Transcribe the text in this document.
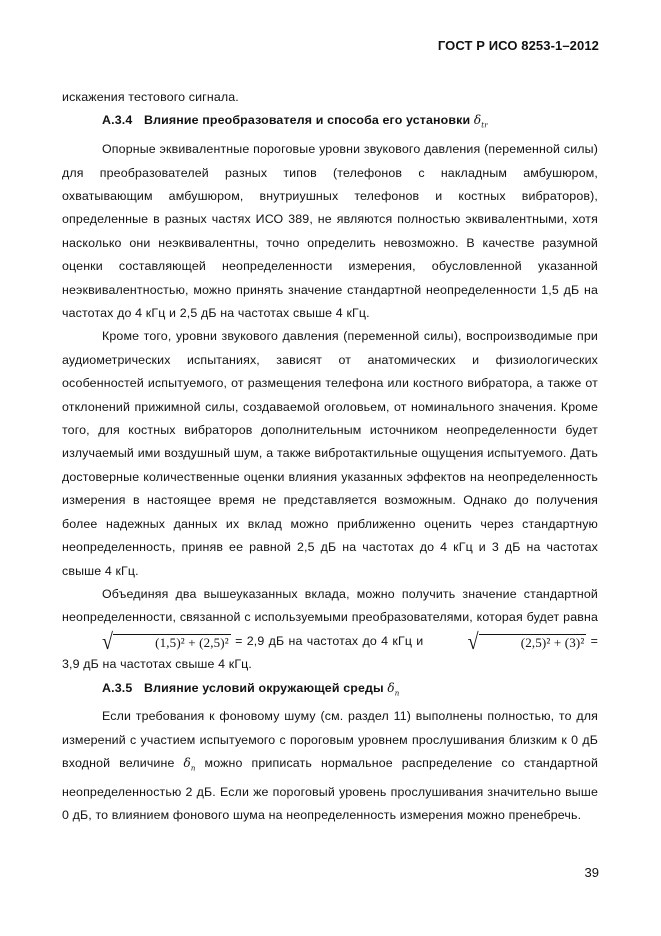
ГОСТ Р ИСО 8253-1–2012

искажения тестового сигнала.

А.3.4 Влияние преобразователя и способа его установки $\delta_{tr}$

Опорные эквивалентные пороговые уровни звукового давления (переменной силы) для преобразователей разных типов (телефонов с накладным амбушюром, охватывающим амбушюром, внутриушных телефонов и костных вибраторов), определенные в разных частях ИСО 389, не являются полностью эквивалентными, хотя насколько они неэквивалентны, точно определить невозможно. В качестве разумной оценки составляющей неопределенности измерения, обусловленной указанной неэквивалентностью, можно принять значение стандартной неопределенности 1,5 дБ на частотах до 4 кГц и 2,5 дБ на частотах свыше 4 кГц.

Кроме того, уровни звукового давления (переменной силы), воспроизводимые при аудиометрических испытаниях, зависят от анатомических и физиологических особенностей испытуемого, от размещения телефона или костного вибратора, а также от отклонений прижимной силы, создаваемой оголовьем, от номинального значения. Кроме того, для костных вибраторов дополнительным источником неопределенности будет излучаемый ими воздушный шум, а также вибротактильные ощущения испытуемого. Дать достоверные количественные оценки влияния указанных эффектов на неопределенность измерения в настоящее время не представляется возможным. Однако до получения более надежных данных их вклад можно приближенно оценить через стандартную неопределенность, приняв ее равной 2,5 дБ на частотах до 4 кГц и 3 дБ на частотах свыше 4 кГц.

Объединяя два вышеуказанных вклада, можно получить значение стандартной неопределенности, связанной с используемыми преобразователями, которая будет равна
√	(1,5)² + (2,5)² = 2,9 дБ на частотах до 4 кГц и	√	(2,5)² + (3)² = 3,9 дБ на частотах свыше 4 кГц.

А.3.5 Влияние условий окружающей среды $\delta_n$

Если требования к фоновому шуму (см. раздел 11) выполнены полностью, то для измерений с участием испытуемого с пороговым уровнем прослушивания близким к 0 дБ входной величине $\delta_n$ можно приписать нормальное распределение со стандартной неопределенностью 2 дБ. Если же пороговый уровень прослушивания значительно выше 0 дБ, то влиянием фонового шума на неопределенность измерения можно пренебречь.

39
